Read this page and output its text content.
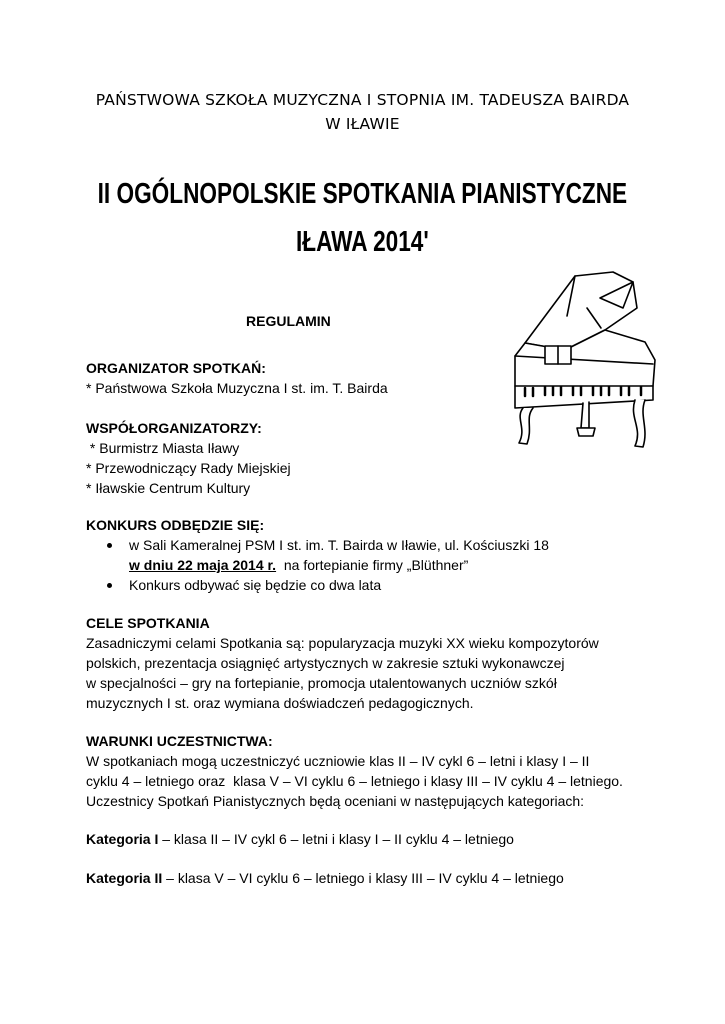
PAŃSTWOWA SZKOŁA MUZYCZNA I STOPNIA IM. TADEUSZA BAIRDA
W IŁAWIE
II OGÓLNOPOLSKIE SPOTKANIA PIANISTYCZNE
IŁAWA 2014'
REGULAMIN
ORGANIZATOR SPOTKAŃ:
* Państwowa Szkoła Muzyczna I st. im. T. Bairda
WSPÓŁORGANIZATORZY:
* Burmistrz Miasta Iławy
* Przewodniczący Rady Miejskiej
* Iławskie Centrum Kultury
KONKURS ODBĘDZIE SIĘ:
w Sali Kameralnej PSM I st. im. T. Bairda w Iławie, ul. Kościuszki 18
w dniu 22 maja 2014 r.  na fortepianie firmy „Blüthner”
Konkurs odbywać się będzie co dwa lata
CELE SPOTKANIA
Zasadniczymi celami Spotkania są: popularyzacja muzyki XX wieku kompozytorów
polskich, prezentacja osiągnięć artystycznych w zakresie sztuki wykonawczej
w specjalności – gry na fortepianie, promocja utalentowanych uczniów szkół
muzycznych I st. oraz wymiana doświadczeń pedagogicznych.
WARUNKI UCZESTNICTWA:
W spotkaniach mogą uczestniczyć uczniowie klas II – IV cykl 6 – letni i klasy I – II
cyklu 4 – letniego oraz  klasa V – VI cyklu 6 – letniego i klasy III – IV cyklu 4 – letniego.
Uczestnicy Spotkań Pianistycznych będą oceniani w następujących kategoriach:
Kategoria I – klasa II – IV cykl 6 – letni i klasy I – II cyklu 4 – letniego
Kategoria II – klasa V – VI cyklu 6 – letniego i klasy III – IV cyklu 4 – letniego
